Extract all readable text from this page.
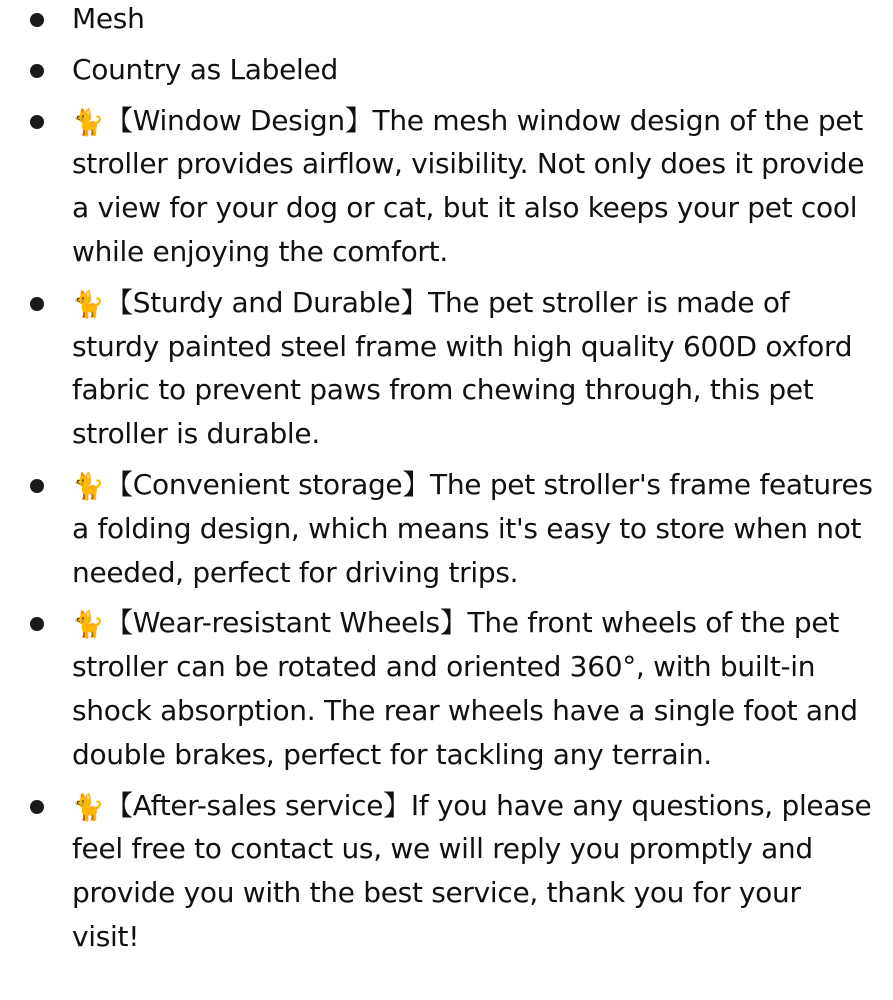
Mesh
Country as Labeled
🐈【Window Design】The mesh window design of the pet stroller provides airflow, visibility. Not only does it provide a view for your dog or cat, but it also keeps your pet cool while enjoying the comfort.
🐈【Sturdy and Durable】The pet stroller is made of sturdy painted steel frame with high quality 600D oxford fabric to prevent paws from chewing through, this pet stroller is durable.
🐈【Convenient storage】The pet stroller's frame features a folding design, which means it's easy to store when not needed, perfect for driving trips.
🐈【Wear-resistant Wheels】The front wheels of the pet stroller can be rotated and oriented 360°, with built-in shock absorption. The rear wheels have a single foot and double brakes, perfect for tackling any terrain.
🐈【After-sales service】If you have any questions, please feel free to contact us, we will reply you promptly and provide you with the best service, thank you for your visit!
